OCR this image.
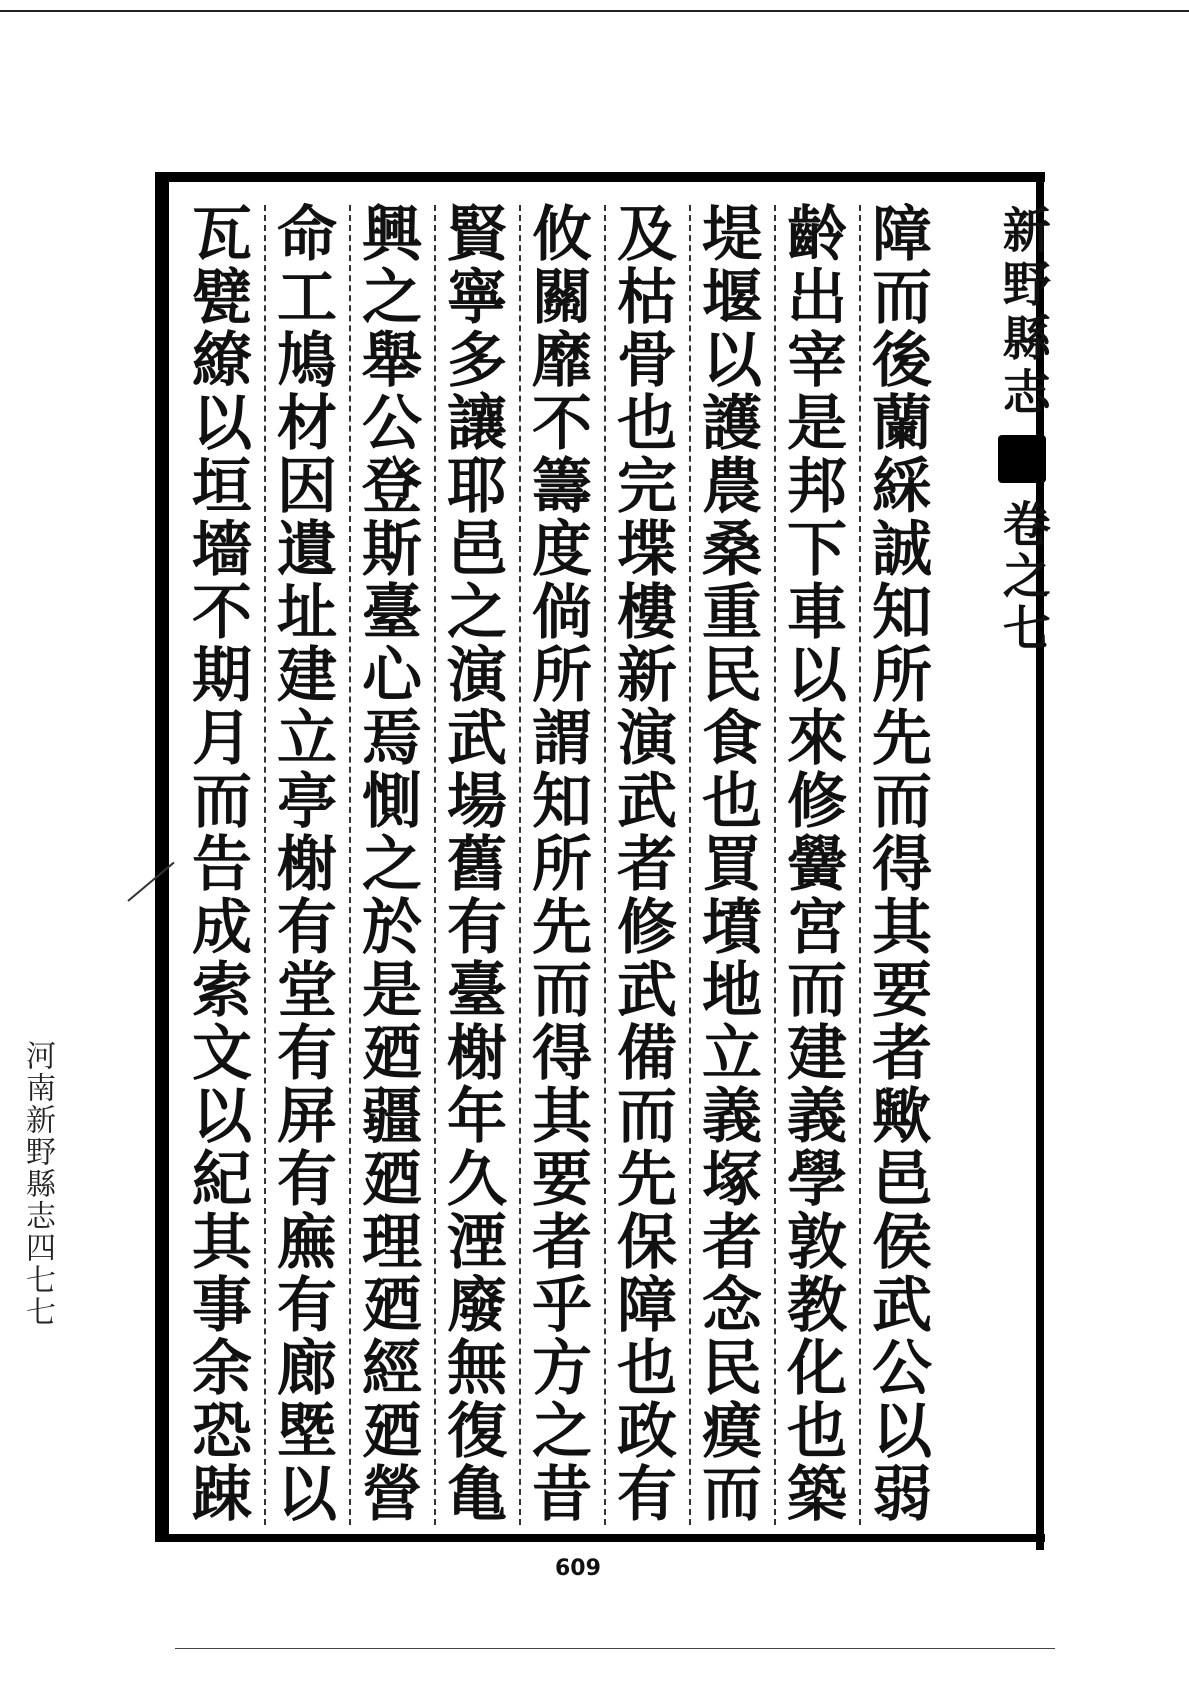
新野縣志
卷之七
障
而
後
蘭
綵
誠
知
所
先
而
得
其
要
者
歟
邑
侯
武
公
以
弱
齡
出
宰
是
邦
下
車
以
來
修
黌
宮
而
建
義
學
敦
教
化
也
築
堤
堰
以
護
農
桑
重
民
食
也
買
墳
地
立
義
塚
者
念
民
瘼
而
及
枯
骨
也
完
堞
樓
新
演
武
者
修
武
備
而
先
保
障
也
政
有
攸
關
靡
不
籌
度
倘
所
謂
知
所
先
而
得
其
要
者
乎
方
之
昔
賢
寧
多
讓
耶
邑
之
演
武
場
舊
有
臺
榭
年
久
湮
廢
無
復
亀
興
之
舉
公
登
斯
臺
心
焉
惻
之
於
是
廼
疆
廼
理
廼
經
廼
營
命
工
鳩
材
因
遺
址
建
立
亭
榭
有
堂
有
屏
有
廡
有
廊
塈
以
瓦
甓
繚
以
垣
墻
不
期
月
而
告
成
索
文
以
紀
其
事
余
恐
踈
609
河南新野縣志四七七
